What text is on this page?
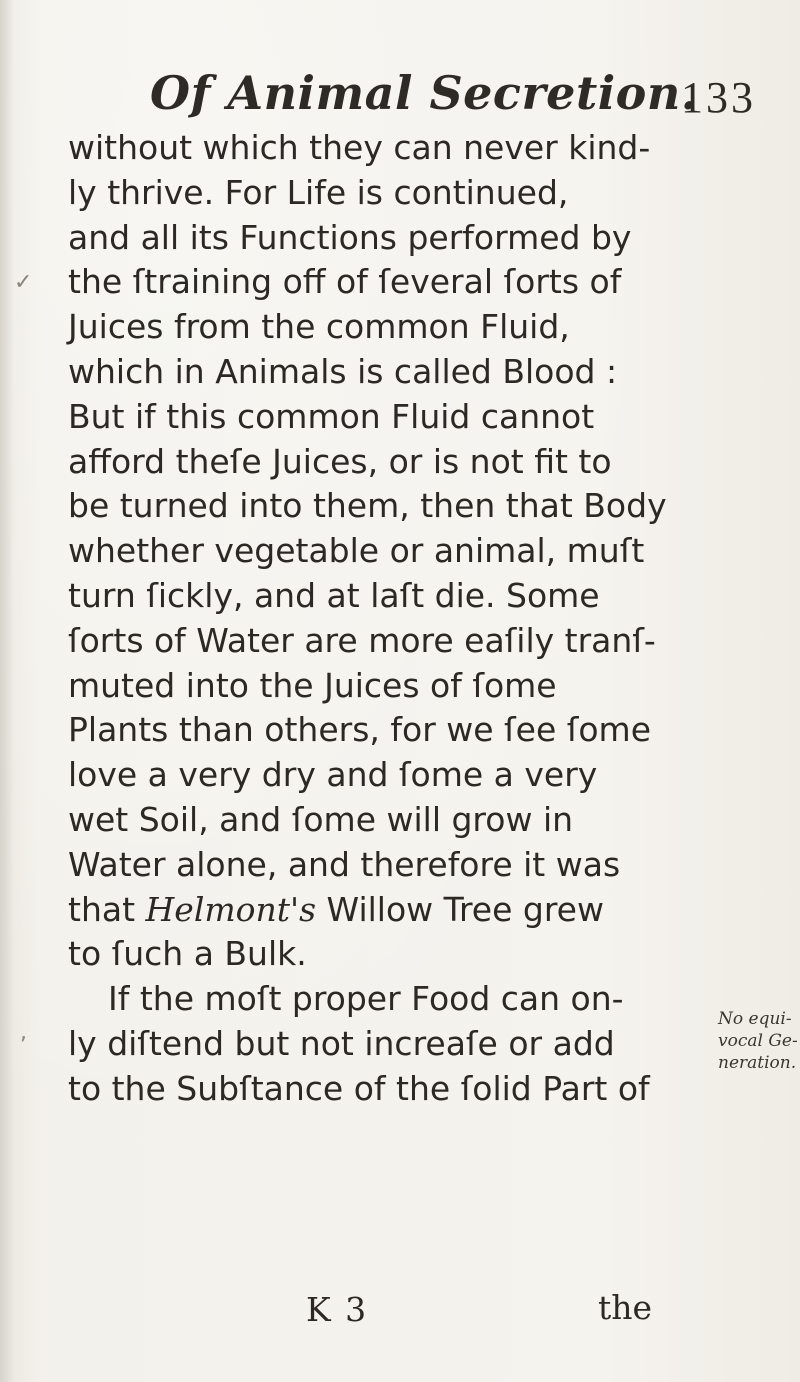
Of Animal Secretion.
133
without which they can never kind-
ly thrive. For Life is continued,
and all its Functions performed by
the ſtraining off of ſeveral ſorts of
Juices from the common Fluid,
which in Animals is called Blood :
But if this common Fluid cannot
afford theſe Juices, or is not fit to
be turned into them, then that Body
whether vegetable or animal, muſt
turn ſickly, and at laſt die. Some
ſorts of Water are more eaſily tranſ-
muted into the Juices of ſome
Plants than others, for we ſee ſome
love a very dry and ſome a very
wet Soil, and ſome will grow in
Water alone, and therefore it was
that Helmont's Willow Tree grew
to ſuch a Bulk.
If the moſt proper Food can on-
ly diſtend but not increaſe or add
to the Subſtance of the ſolid Part of
No equi-
vocal Ge-
neration.
K 3	the
✓
,
